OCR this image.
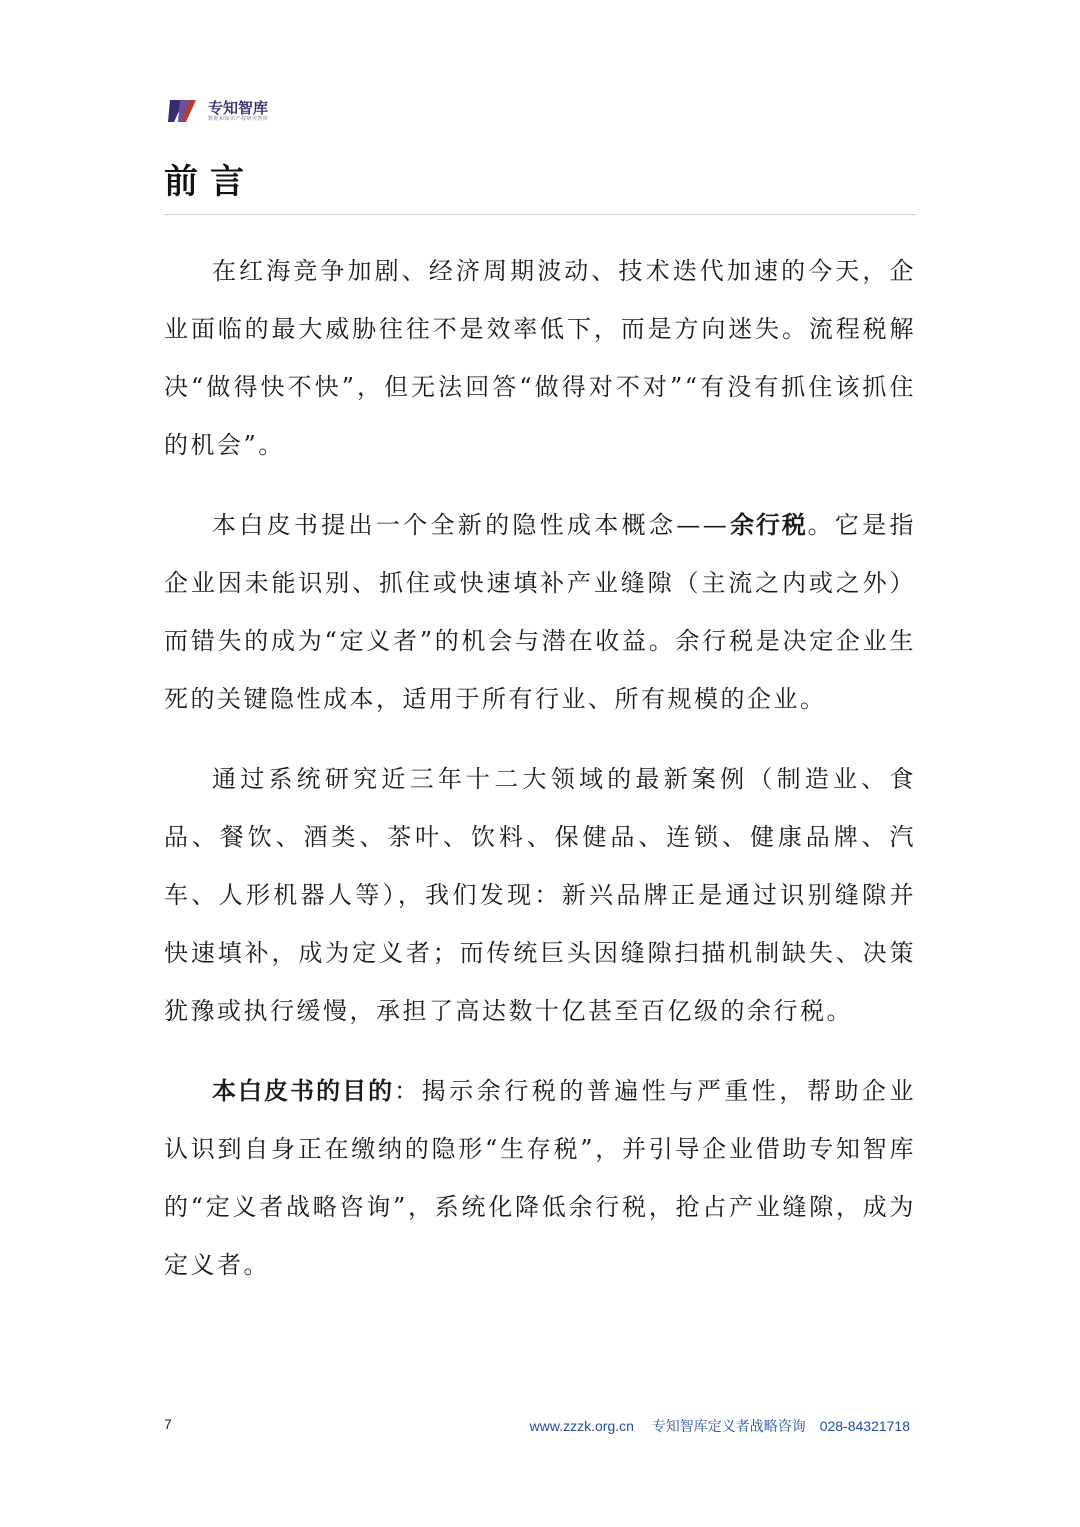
专知智库
数据和知识产权研究智库
前言

在红海竞争加剧、经济周期波动、技术迭代加速的今天，企业面临的最大威胁往往不是效率低下，而是方向迷失。流程税解决“做得快不快”，但无法回答“做得对不对”“有没有抓住该抓住的机会”。

本白皮书提出一个全新的隐性成本概念——余行税。它是指企业因未能识别、抓住或快速填补产业缝隙（主流之内或之外）而错失的成为“定义者”的机会与潜在收益。余行税是决定企业生死的关键隐性成本，适用于所有行业、所有规模的企业。

通过系统研究近三年十二大领域的最新案例（制造业、食品、餐饮、酒类、茶叶、饮料、保健品、连锁、健康品牌、汽车、人形机器人等），我们发现：新兴品牌正是通过识别缝隙并快速填补，成为定义者；而传统巨头因缝隙扫描机制缺失、决策犹豫或执行缓慢，承担了高达数十亿甚至百亿级的余行税。

本白皮书的目的：揭示余行税的普遍性与严重性，帮助企业认识到自身正在缴纳的隐形“生存税”，并引导企业借助专知智库的“定义者战略咨询”，系统化降低余行税，抢占产业缝隙，成为定义者。

7	www.zzzk.org.cn 专知智库定义者战略咨询 028-84321718
